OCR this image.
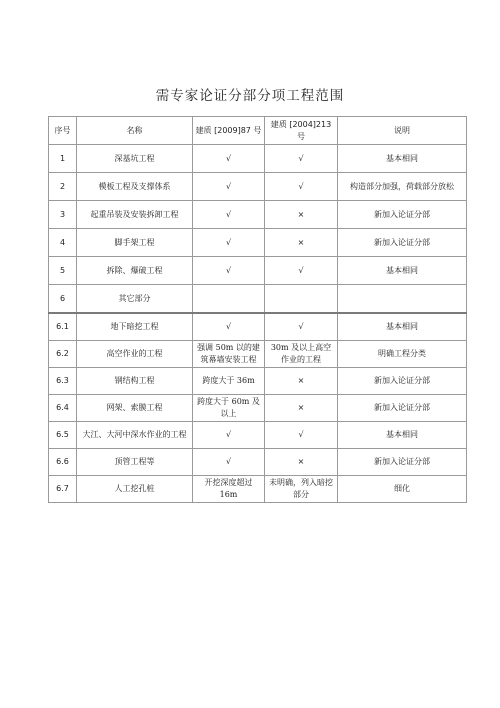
需专家论证分部分项工程范围
序号	名称	建质 [2009]87 号	建质 [2004]213 号	说明
1	深基坑工程	√	√	基本相同
2	模板工程及支撑体系	√	√	构造部分加强，荷载部分放松
3	起重吊装及安装拆卸工程	√	×	新加入论证分部
4	脚手架工程	√	×	新加入论证分部
5	拆除、爆破工程	√	√	基本相同
6	其它部分			
6.1	地下暗挖工程	√	√	基本相同
6.2	高空作业的工程	强调 50m 以的建筑幕墙安装工程	30m 及以上高空作业的工程	明确工程分类
6.3	钢结构工程	跨度大于 36m	×	新加入论证分部
6.4	网架、索膜工程	跨度大于 60m 及以上	×	新加入论证分部
6.5	大江、大河中深水作业的工程	√	√	基本相同
6.6	顶管工程等	√	×	新加入论证分部
6.7	人工挖孔桩	开挖深度超过 16m	未明确，列入暗挖部分	细化
